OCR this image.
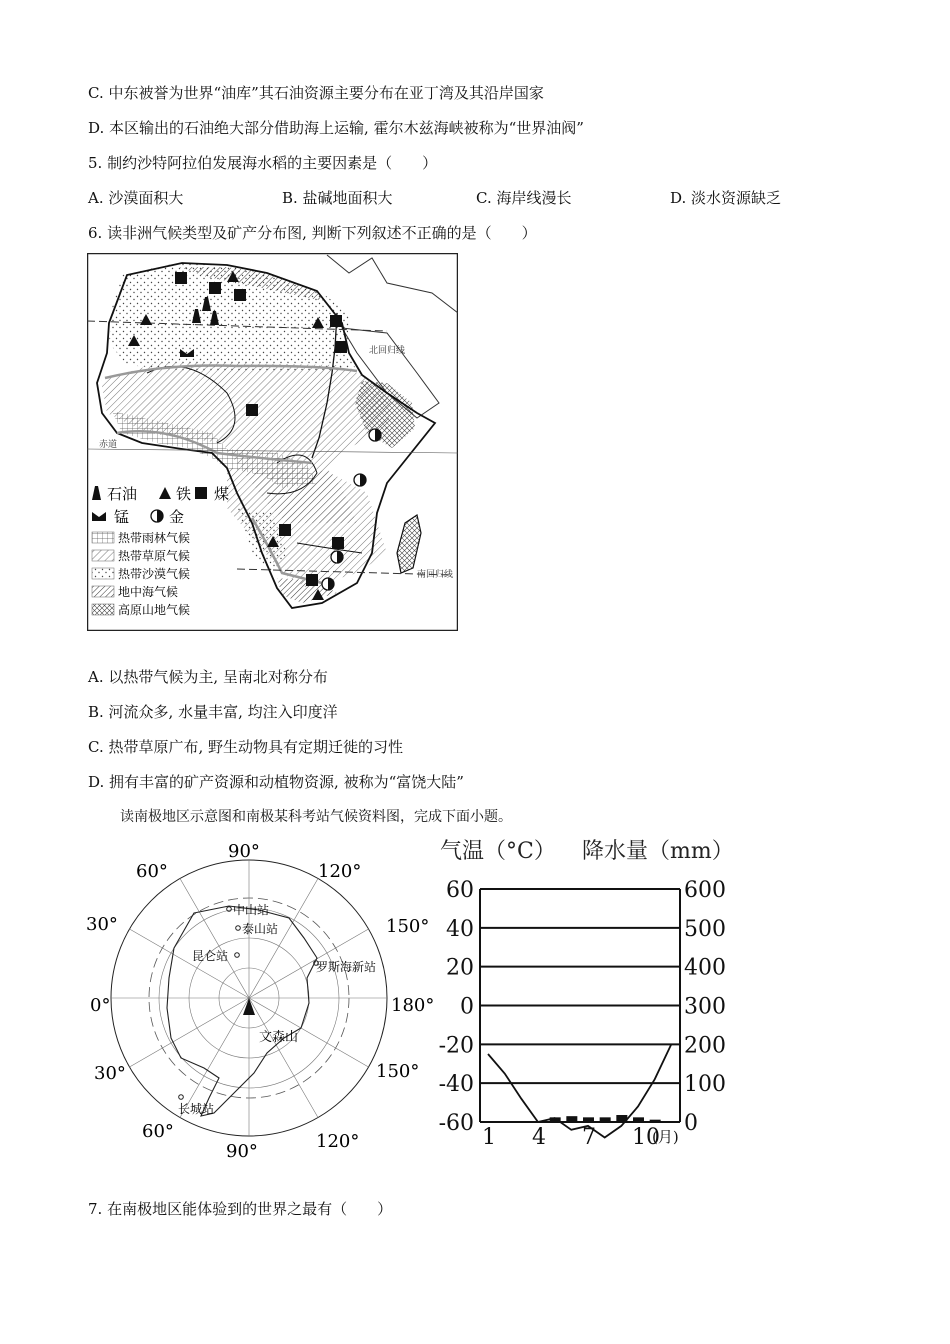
C. 中东被誉为世界“油库”其石油资源主要分布在亚丁湾及其沿岸国家
D. 本区输出的石油绝大部分借助海上运输, 霍尔木兹海峡被称为“世界油阀”
5. 制约沙特阿拉伯发展海水稻的主要因素是（　　）
A. 沙漠面积大	B. 盐碱地面积大	C. 海岸线漫长	D. 淡水资源缺乏
6. 读非洲气候类型及矿产分布图, 判断下列叙述不正确的是（　　）
北回归线
赤道
南回归线
石油	铁 煤
锰	金
热带雨林气候
热带草原气候
热带沙漠气候
地中海气候
高原山地气候
A. 以热带气候为主, 呈南北对称分布
B. 河流众多, 水量丰富, 均注入印度洋
C. 热带草原广布, 野生动物具有定期迁徙的习性
D. 拥有丰富的矿产资源和动植物资源, 被称为“富饶大陆”
读南极地区示意图和南极某科考站气候资料图，完成下面小题。
90°
120°
150°
180°
150°
120°
90°
60°
30°
0°
30°
60°
中山站
泰山站
昆仑站
罗斯海新站
长城站
文森山
气温（°C） 降水量（mm）
60	600
40	500
20	400
0	300
-20	200
-40	100
-60	0
1 4 7 10
(月)
7. 在南极地区能体验到的世界之最有（　　）
